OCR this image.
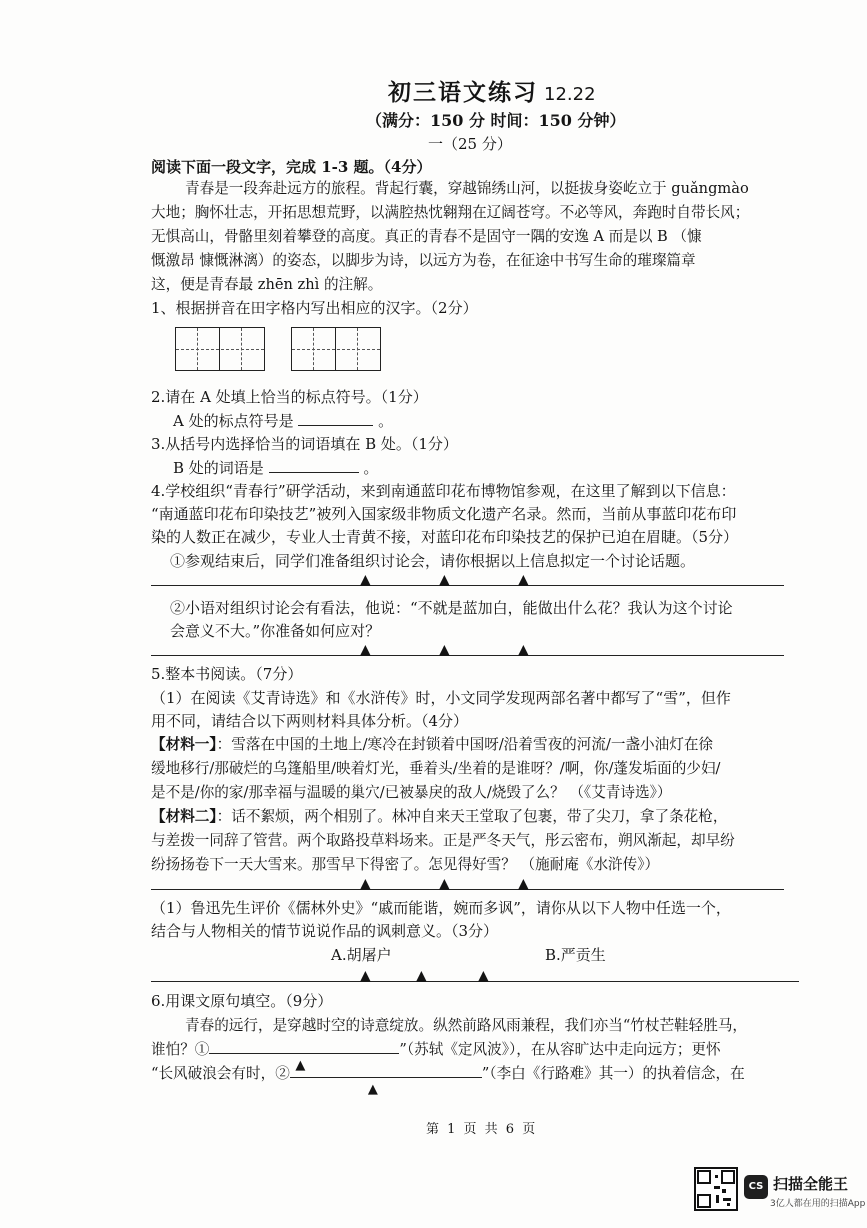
初三语文练习 12.22
（满分：150 分 时间：150 分钟）
一（25 分）
阅读下面一段文字，完成 1-3 题。（4分）
青春是一段奔赴远方的旅程。背起行囊，穿越锦绣山河，以挺拔身姿屹立于 guǎngmào
大地；胸怀壮志，开拓思想荒野，以满腔热忱翱翔在辽阔苍穹。不必等风，奔跑时自带长风；
无惧高山，骨骼里刻着攀登的高度。真正的青春不是固守一隅的安逸 A 而是以 B （慷
慨激昂 慷慨淋漓）的姿态，以脚步为诗，以远方为卷，在征途中书写生命的璀璨篇章
这，便是青春最 zhēn zhì 的注解。
1、根据拼音在田字格内写出相应的汉字。（2分）
2.请在 A 处填上恰当的标点符号。（1分）
A 处的标点符号是	。
3.从括号内选择恰当的词语填在 B 处。（1分）
B 处的词语是	。
4.学校组织“青春行”研学活动，来到南通蓝印花布博物馆参观，在这里了解到以下信息：
“南通蓝印花布印染技艺”被列入国家级非物质文化遗产名录。然而，当前从事蓝印花布印
染的人数正在减少，专业人士青黄不接，对蓝印花布印染技艺的保护已迫在眉睫。（5分）
①参观结束后，同学们准备组织讨论会，请你根据以上信息拟定一个讨论话题。
▲	▲	▲
②小语对组织讨论会有看法，他说：“不就是蓝加白，能做出什么花？我认为这个讨论
会意义不大。”你准备如何应对？
▲	▲	▲
5.整本书阅读。（7分）
（1）在阅读《艾青诗选》和《水浒传》时，小文同学发现两部名著中都写了“雪”，但作
用不同，请结合以下两则材料具体分析。（4分）
【材料一】：雪落在中国的土地上/寒冷在封锁着中国呀/沿着雪夜的河流/一盏小油灯在徐
缓地移行/那破烂的乌篷船里/映着灯光，垂着头/坐着的是谁呀？/啊，你/蓬发垢面的少妇/
是不是/你的家/那幸福与温暖的巢穴/已被暴戾的敌人/烧毁了么？ （《艾青诗选》）
【材料二】：话不絮烦，两个相别了。林冲自来天王堂取了包裹，带了尖刀，拿了条花枪，
与差拨一同辞了管营。两个取路投草料场来。正是严冬天气，彤云密布，朔风渐起，却早纷
纷扬扬卷下一天大雪来。那雪早下得密了。怎见得好雪？ （施耐庵《水浒传》）
▲	▲	▲
（1）鲁迅先生评价《儒林外史》“戚而能谐，婉而多讽”，请你从以下人物中任选一个，
结合与人物相关的情节说说作品的讽刺意义。（3分）
A.胡屠户	B.严贡生
▲	▲	▲
6.用课文原句填空。（9分）
青春的远行，是穿越时空的诗意绽放。纵然前路风雨兼程，我们亦当“竹杖芒鞋轻胜马，
谁怕？①
▲
”（苏轼《定风波》），在从容旷达中走向远方；更怀
“长风破浪会有时，②
▲
”（李白《行路难》其一）的执着信念，在
第 1 页 共 6 页
CS 扫描全能王
3亿人都在用的扫描App
